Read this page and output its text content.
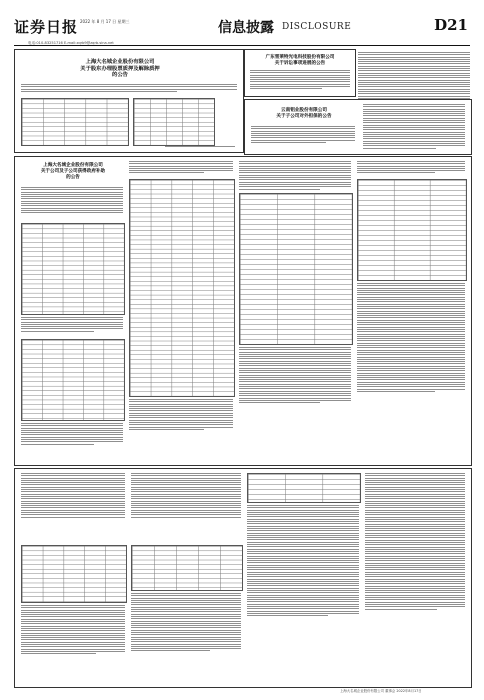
证券日报 2022 年 8 月 17 日 星期三
电话:010-83251716 E-mail:zqrb9@zqrb.sina.net
信息披露 DISCLOSURE	D21
上海大名城企业股份有限公司
关于股东办理股票质押及解除质押
的公告
广东雪莱特光电科技股份有限公司
关于诉讼事项进展的公告
云南铝业股份有限公司
关于子公司对外担保的公告
上海大名城企业股份有限公司
关于公司及子公司获得政府补助
的公告
上海大名城企业股份有限公司 董事会 2022年8月17日
